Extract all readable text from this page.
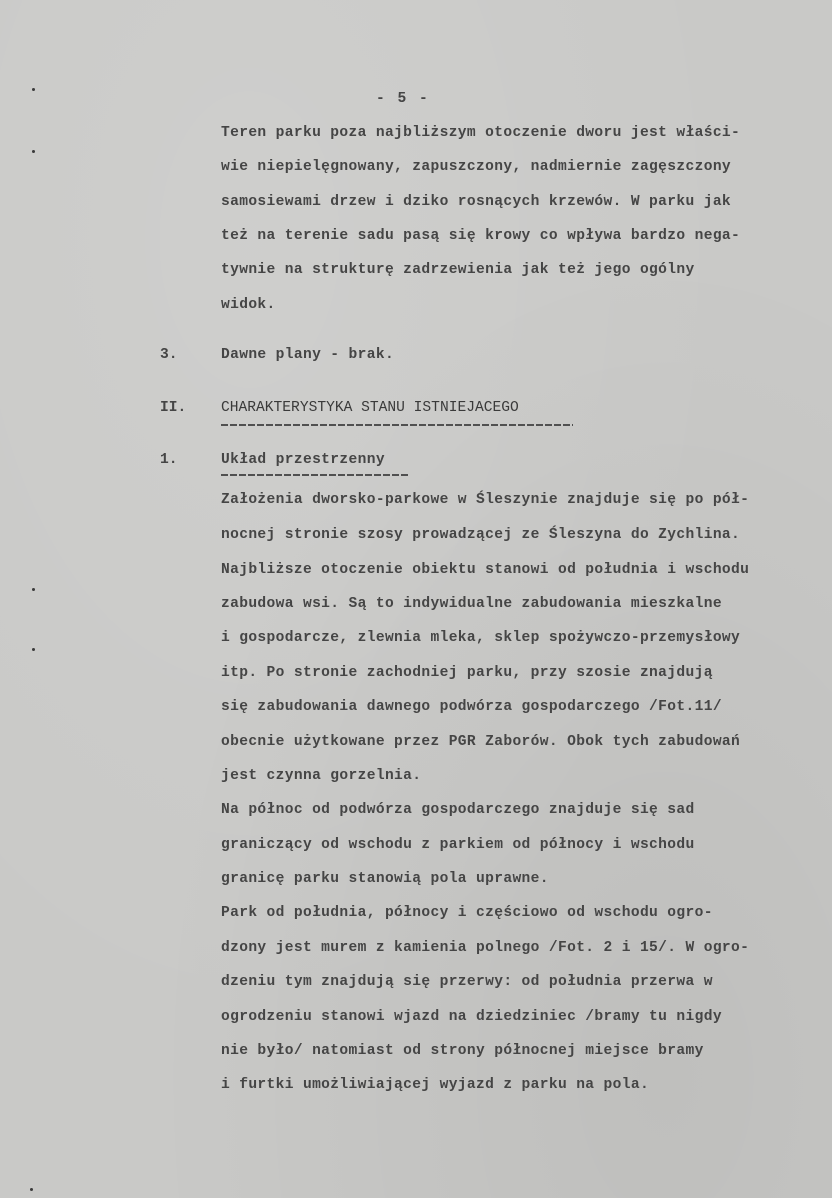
- 5 -
Teren parku poza najbliższym otoczenie dworu jest właści-
wie niepielęgnowany, zapuszczony, nadmiernie zagęszczony
samosiewami drzew i dziko rosnących krzewów. W parku jak
też na terenie sadu pasą się krowy co wpływa bardzo nega-
tywnie na strukturę zadrzewienia jak też jego ogólny
widok.
3.	Dawne plany - brak.
II. CHARAKTERYSTYKA STANU ISTNIEJACEGO
1.	Układ przestrzenny
Założenia dworsko-parkowe w Śleszynie znajduje się po pół-
nocnej stronie szosy prowadzącej ze Śleszyna do Zychlina.
Najbliższe otoczenie obiektu stanowi od południa i wschodu
zabudowa wsi. Są to indywidualne zabudowania mieszkalne
i gospodarcze, zlewnia mleka, sklep spożywczo-przemysłowy
itp. Po stronie zachodniej parku, przy szosie znajdują
się zabudowania dawnego podwórza gospodarczego /Fot.11/
obecnie użytkowane przez PGR Zaborów. Obok tych zabudowań
jest czynna gorzelnia.
Na północ od podwórza gospodarczego znajduje się sad
graniczący od wschodu z parkiem od północy i wschodu
granicę parku stanowią pola uprawne.
Park od południa, północy i częściowo od wschodu ogro-
dzony jest murem z kamienia polnego /Fot. 2 i 15/. W ogro-
dzeniu tym znajdują się przerwy: od południa przerwa w
ogrodzeniu stanowi wjazd na dziedziniec /bramy tu nigdy
nie było/ natomiast od strony północnej miejsce bramy
i furtki umożliwiającej wyjazd z parku na pola.
